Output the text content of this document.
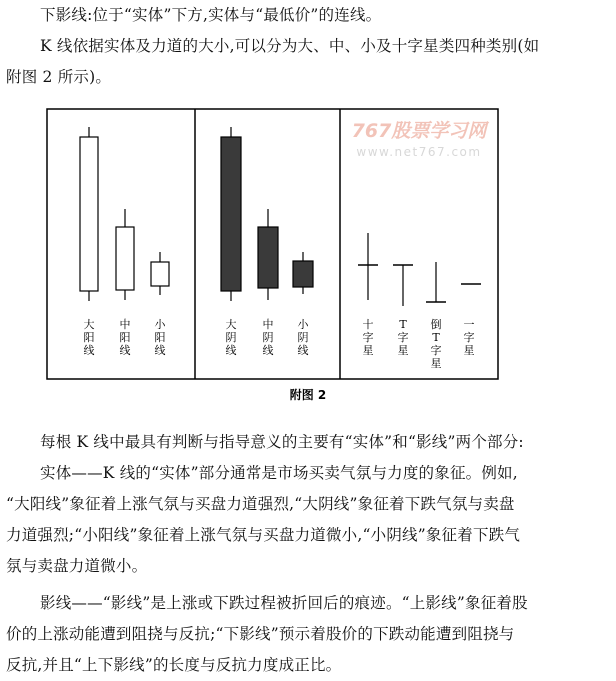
下影线:位于“实体”下方,实体与“最低价”的连线。
K 线依据实体及力道的大小,可以分为大、中、小及十字星类四种类别(如
附图 2 所示)。
767股票学习网
www.net767.com
大阳线
中阳线
小阳线
大阴线
中阴线
小阴线
十字星
T 字星
倒 T 字星
一字星
附图 2
每根 K 线中最具有判断与指导意义的主要有“实体”和“影线”两个部分:
实体——K 线的“实体”部分通常是市场买卖气氛与力度的象征。例如,
“大阳线”象征着上涨气氛与买盘力道强烈,“大阴线”象征着下跌气氛与卖盘
力道强烈;“小阳线”象征着上涨气氛与买盘力道微小,“小阴线”象征着下跌气
氛与卖盘力道微小。
影线——“影线”是上涨或下跌过程被折回后的痕迹。“上影线”象征着股
价的上涨动能遭到阻挠与反抗;“下影线”预示着股价的下跌动能遭到阻挠与
反抗,并且“上下影线”的长度与反抗力度成正比。
